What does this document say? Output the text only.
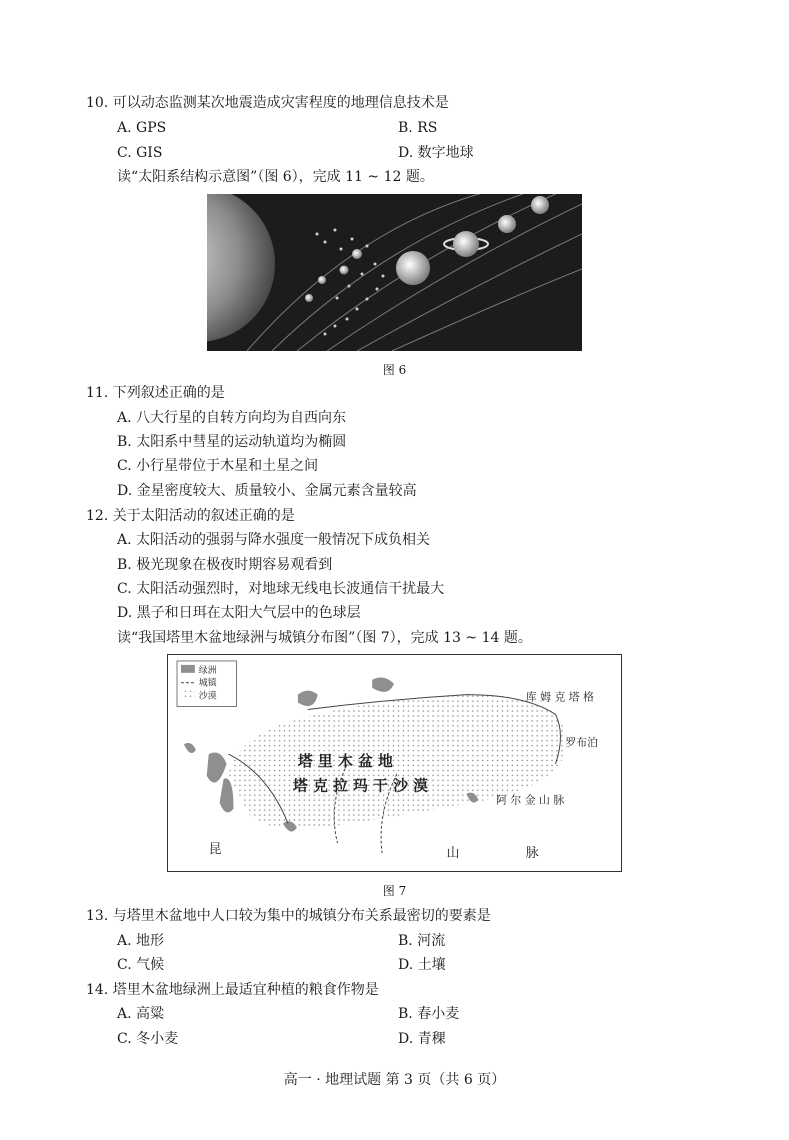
10. 可以动态监测某次地震造成灾害程度的地理信息技术是
A. GPS	B. RS
C. GIS	D. 数字地球
读“太阳系结构示意图”（图 6），完成 11 ~ 12 题。
图 6
11. 下列叙述正确的是
A. 八大行星的自转方向均为自西向东
B. 太阳系中彗星的运动轨道均为椭圆
C. 小行星带位于木星和土星之间
D. 金星密度较大、质量较小、金属元素含量较高
12. 关于太阳活动的叙述正确的是
A. 太阳活动的强弱与降水强度一般情况下成负相关
B. 极光现象在极夜时期容易观看到
C. 太阳活动强烈时，对地球无线电长波通信干扰最大
D. 黑子和日珥在太阳大气层中的色球层
读“我国塔里木盆地绿洲与城镇分布图”（图 7），完成 13 ~ 14 题。
绿洲
城镇
沙漠
塔 里 木 盆 地
塔 克 拉 玛 干 沙 漠
库 姆 克 塔 格
罗布泊
阿 尔 金 山 脉
昆	山	脉
图 7
13. 与塔里木盆地中人口较为集中的城镇分布关系最密切的要素是
A. 地形	B. 河流
C. 气候	D. 土壤
14. 塔里木盆地绿洲上最适宜种植的粮食作物是
A. 高粱	B. 春小麦
C. 冬小麦	D. 青稞
高一 · 地理试题 第 3 页（共 6 页）
